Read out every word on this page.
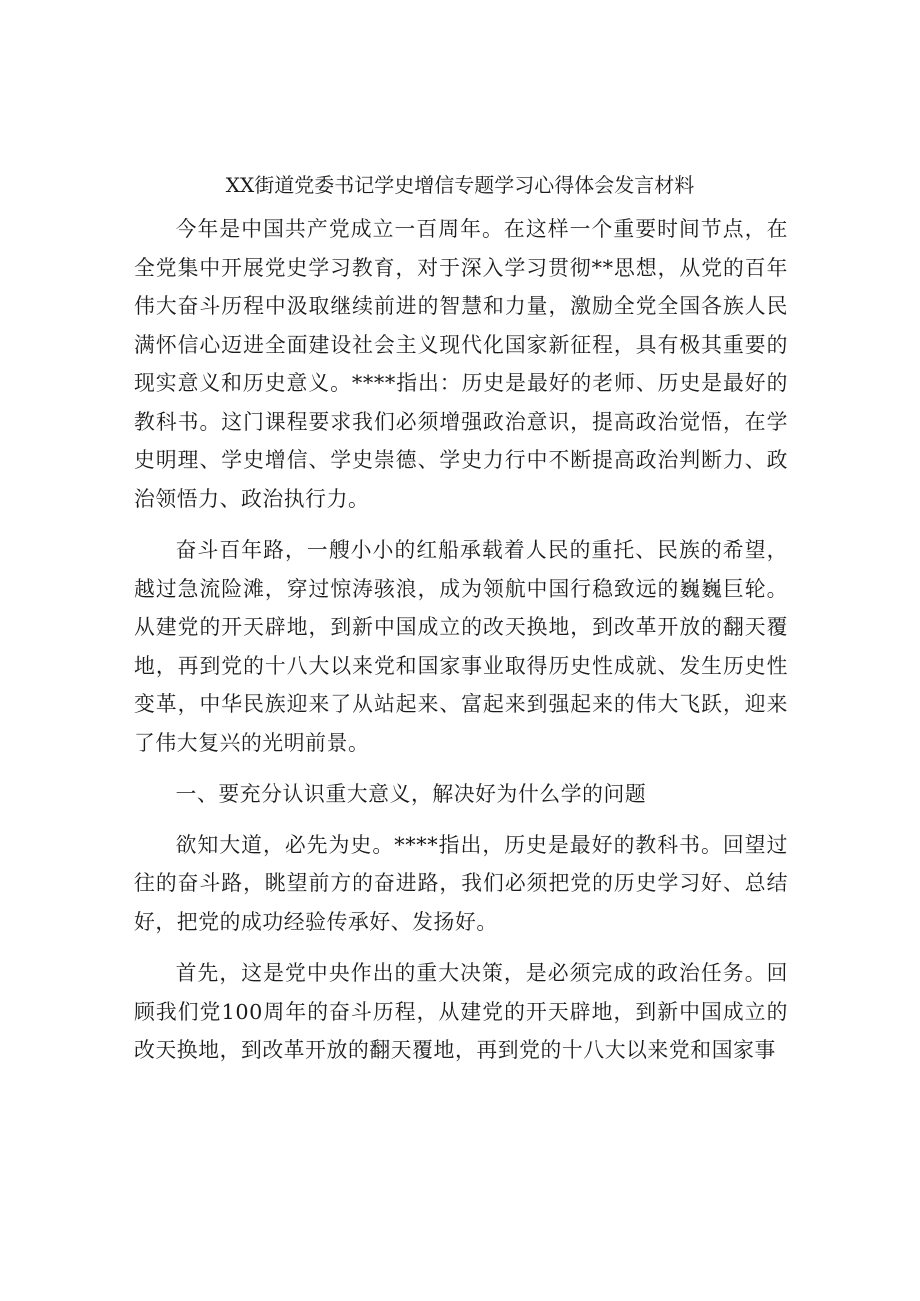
XX街道党委书记学史增信专题学习心得体会发言材料

今年是中国共产党成立一百周年。在这样一个重要时间节点，在全党集中开展党史学习教育，对于深入学习贯彻**思想，从党的百年伟大奋斗历程中汲取继续前进的智慧和力量，激励全党全国各族人民满怀信心迈进全面建设社会主义现代化国家新征程，具有极其重要的现实意义和历史意义。****指出：历史是最好的老师、历史是最好的教科书。这门课程要求我们必须增强政治意识，提高政治觉悟，在学史明理、学史增信、学史崇德、学史力行中不断提高政治判断力、政治领悟力、政治执行力。

奋斗百年路，一艘小小的红船承载着人民的重托、民族的希望，越过急流险滩，穿过惊涛骇浪，成为领航中国行稳致远的巍巍巨轮。从建党的开天辟地，到新中国成立的改天换地，到改革开放的翻天覆地，再到党的十八大以来党和国家事业取得历史性成就、发生历史性变革，中华民族迎来了从站起来、富起来到强起来的伟大飞跃，迎来了伟大复兴的光明前景。

一、要充分认识重大意义，解决好为什么学的问题

欲知大道，必先为史。****指出，历史是最好的教科书。回望过往的奋斗路，眺望前方的奋进路，我们必须把党的历史学习好、总结好，把党的成功经验传承好、发扬好。

首先，这是党中央作出的重大决策，是必须完成的政治任务。回顾我们党100周年的奋斗历程，从建党的开天辟地，到新中国成立的改天换地，到改革开放的翻天覆地，再到党的十八大以来党和国家事
